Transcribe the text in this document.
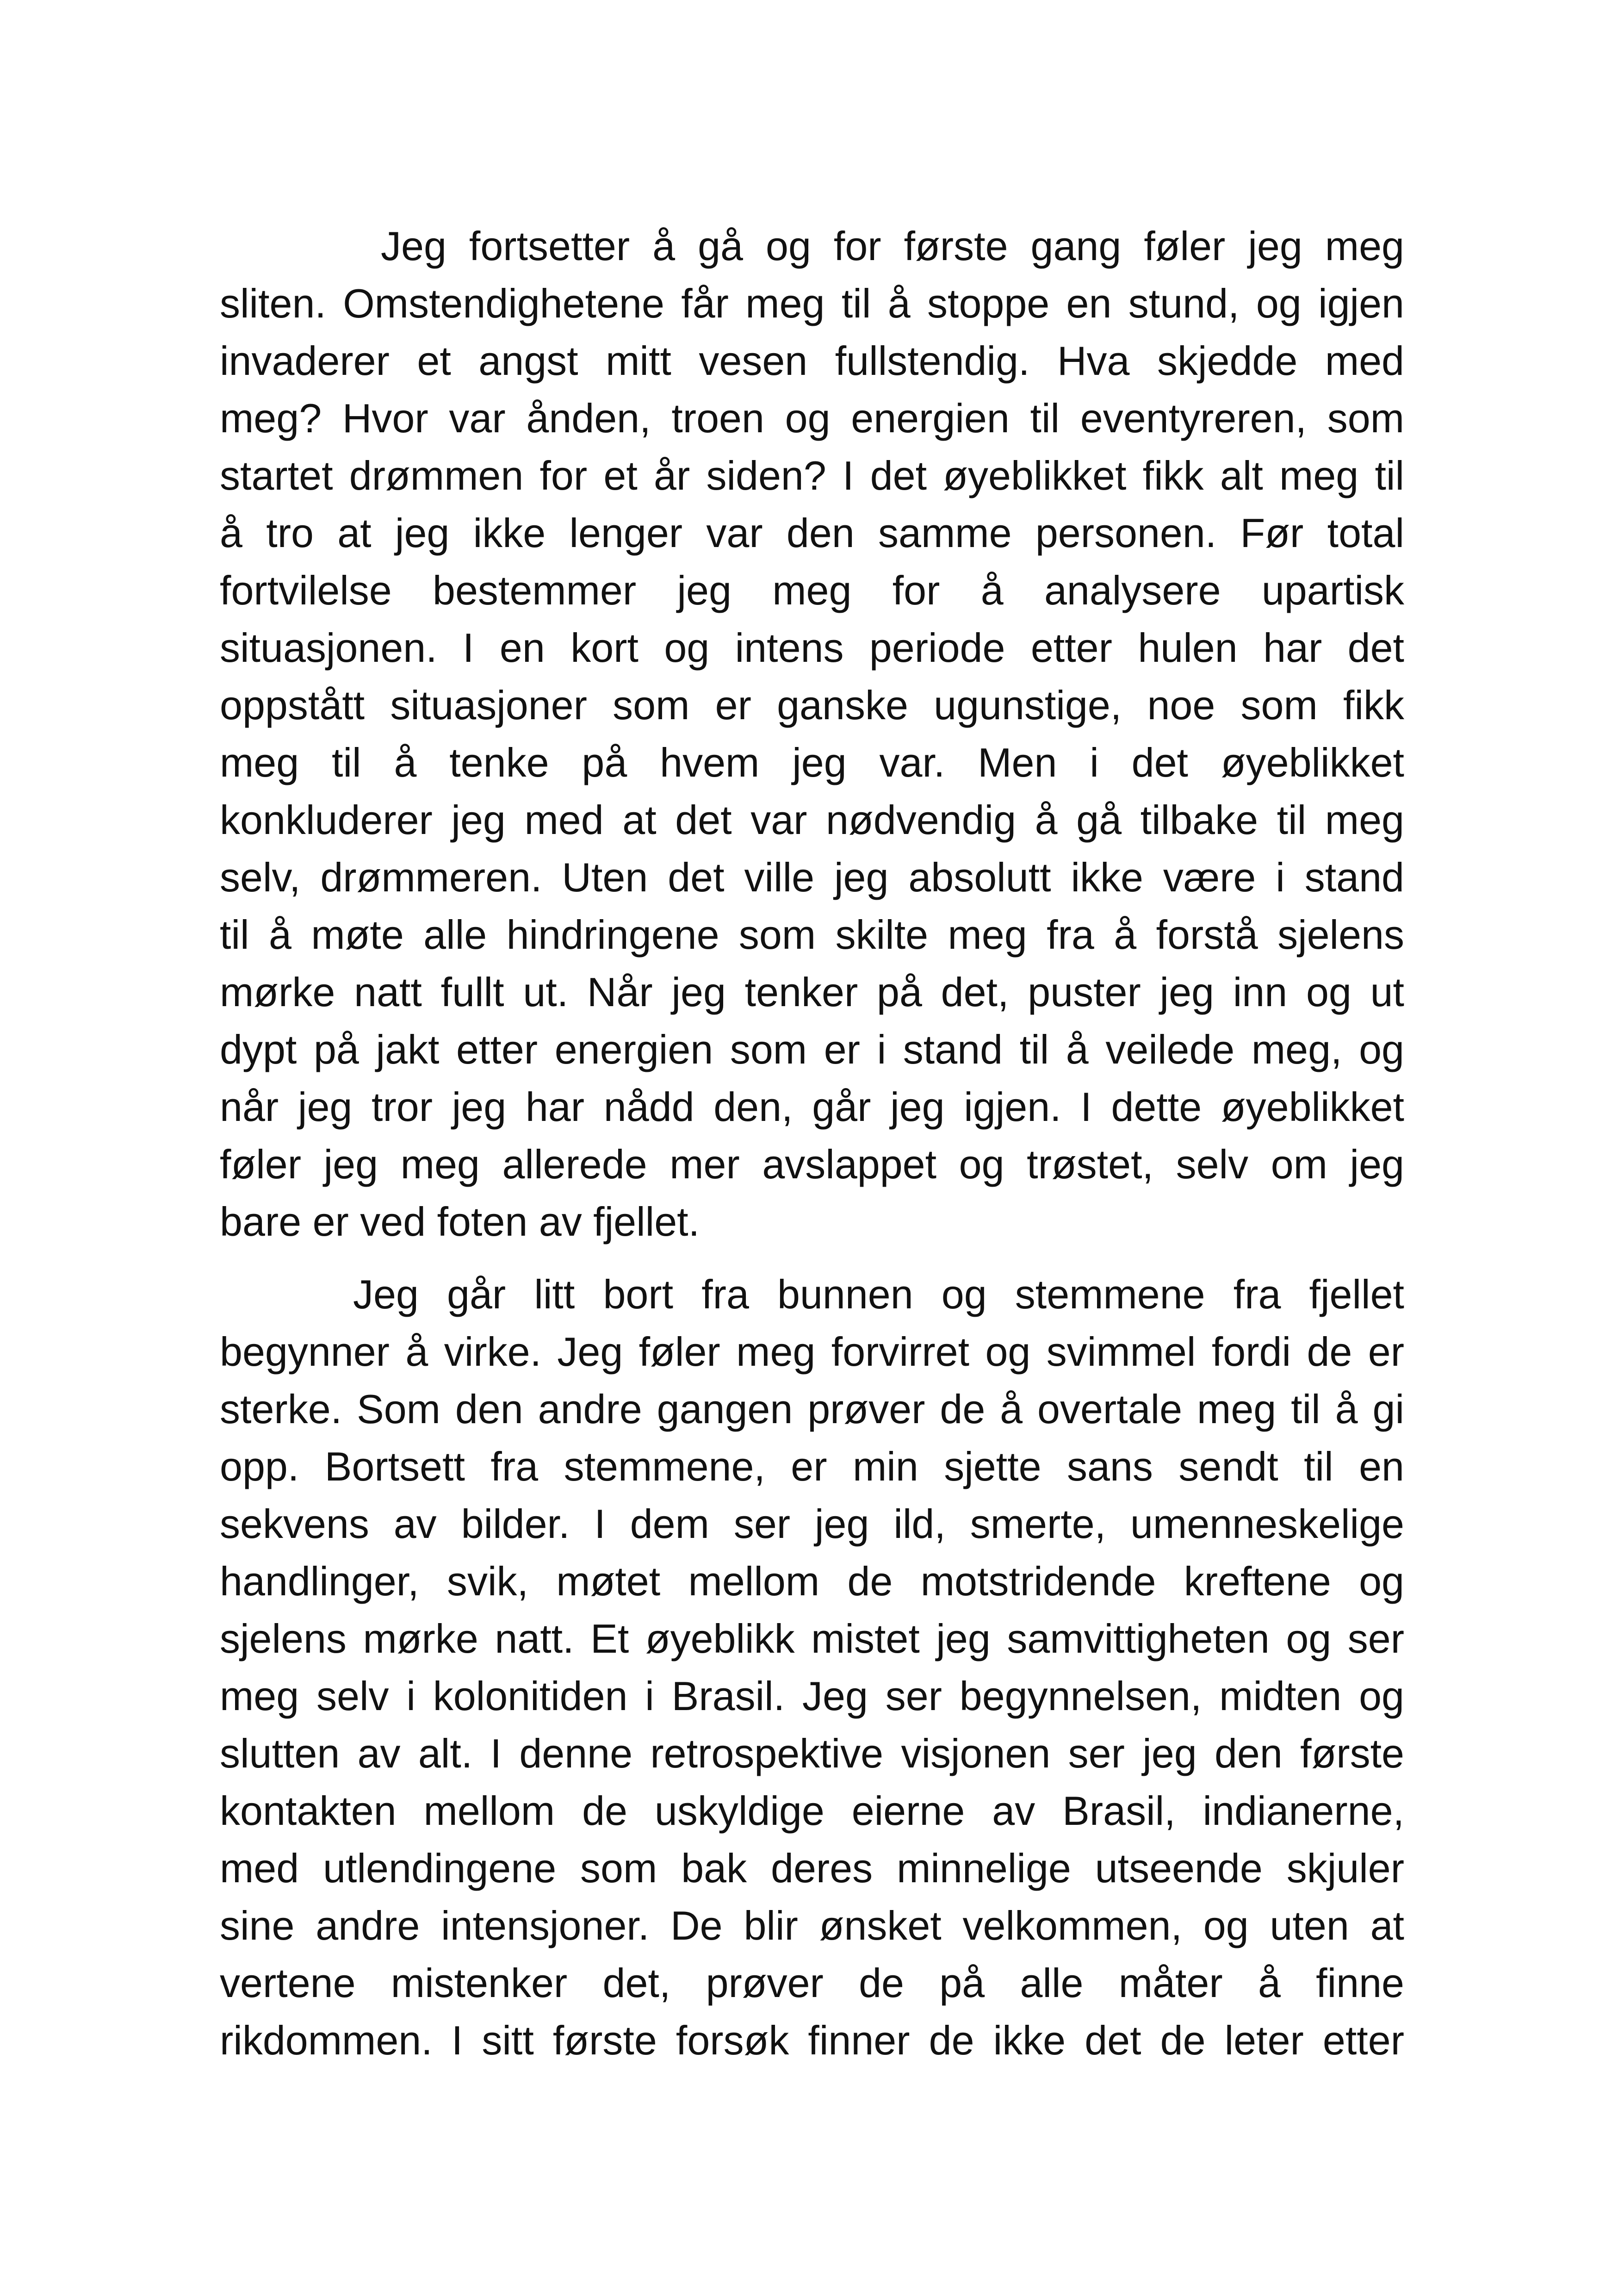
Jeg fortsetter å gå og for første gang føler jeg meg
sliten. Omstendighetene får meg til å stoppe en stund, og igjen
invaderer et angst mitt vesen fullstendig. Hva skjedde med
meg? Hvor var ånden, troen og energien til eventyreren, som
startet drømmen for et år siden? I det øyeblikket fikk alt meg til
å tro at jeg ikke lenger var den samme personen. Før total
fortvilelse bestemmer jeg meg for å analysere upartisk
situasjonen. I en kort og intens periode etter hulen har det
oppstått situasjoner som er ganske ugunstige, noe som fikk
meg til å tenke på hvem jeg var. Men i det øyeblikket
konkluderer jeg med at det var nødvendig å gå tilbake til meg
selv, drømmeren. Uten det ville jeg absolutt ikke være i stand
til å møte alle hindringene som skilte meg fra å forstå sjelens
mørke natt fullt ut. Når jeg tenker på det, puster jeg inn og ut
dypt på jakt etter energien som er i stand til å veilede meg, og
når jeg tror jeg har nådd den, går jeg igjen. I dette øyeblikket
føler jeg meg allerede mer avslappet og trøstet, selv om jeg
bare er ved foten av fjellet.
Jeg går litt bort fra bunnen og stemmene fra fjellet
begynner å virke. Jeg føler meg forvirret og svimmel fordi de er
sterke. Som den andre gangen prøver de å overtale meg til å gi
opp. Bortsett fra stemmene, er min sjette sans sendt til en
sekvens av bilder. I dem ser jeg ild, smerte, umenneskelige
handlinger, svik, møtet mellom de motstridende kreftene og
sjelens mørke natt. Et øyeblikk mistet jeg samvittigheten og ser
meg selv i kolonitiden i Brasil. Jeg ser begynnelsen, midten og
slutten av alt. I denne retrospektive visjonen ser jeg den første
kontakten mellom de uskyldige eierne av Brasil, indianerne,
med utlendingene som bak deres minnelige utseende skjuler
sine andre intensjoner. De blir ønsket velkommen, og uten at
vertene mistenker det, prøver de på alle måter å finne
rikdommen. I sitt første forsøk finner de ikke det de leter etter
